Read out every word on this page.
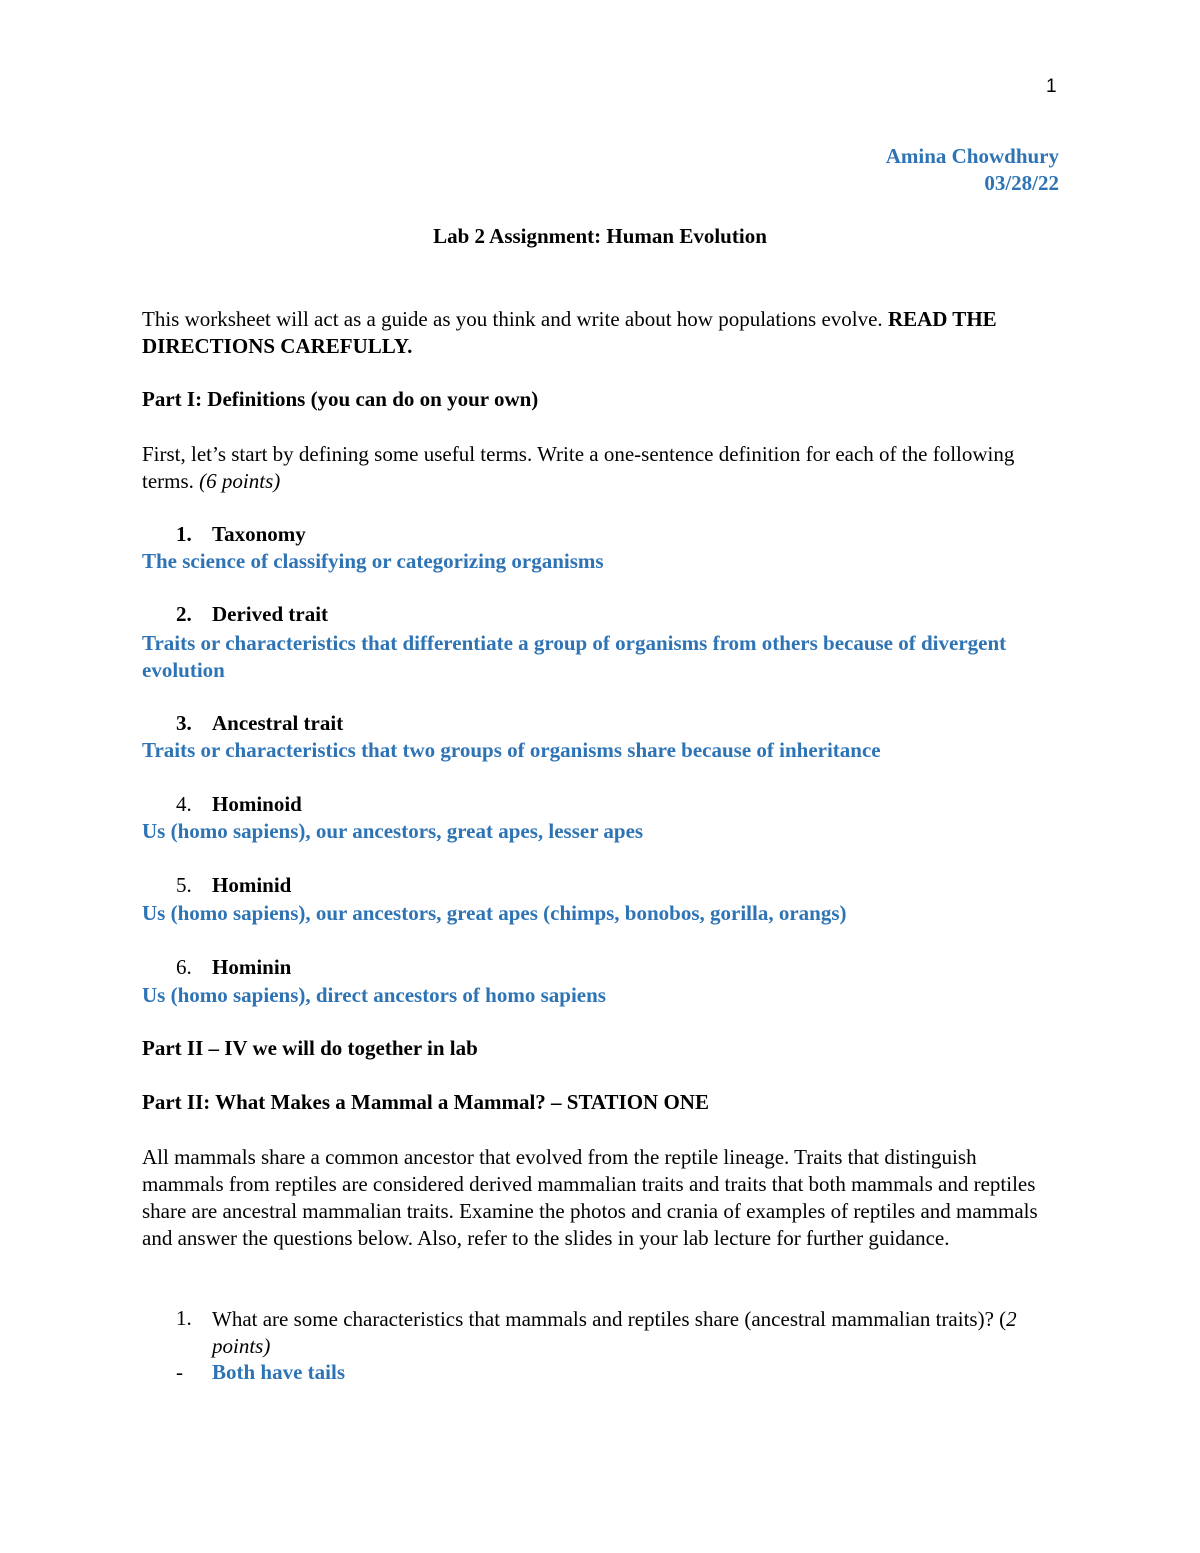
1
Amina Chowdhury
03/28/22
Lab 2 Assignment: Human Evolution
This worksheet will act as a guide as you think and write about how populations evolve. READ THE DIRECTIONS CAREFULLY.
Part I: Definitions (you can do on your own)
First, let’s start by defining some useful terms. Write a one-sentence definition for each of the following terms. (6 points)
1. Taxonomy
The science of classifying or categorizing organisms
2. Derived trait
Traits or characteristics that differentiate a group of organisms from others because of divergent evolution
3. Ancestral trait
Traits or characteristics that two groups of organisms share because of inheritance
4. Hominoid
Us (homo sapiens), our ancestors, great apes, lesser apes
5. Hominid
Us (homo sapiens), our ancestors, great apes (chimps, bonobos, gorilla, orangs)
6. Hominin
Us (homo sapiens), direct ancestors of homo sapiens
Part II – IV we will do together in lab
Part II: What Makes a Mammal a Mammal? – STATION ONE
All mammals share a common ancestor that evolved from the reptile lineage. Traits that distinguish mammals from reptiles are considered derived mammalian traits and traits that both mammals and reptiles share are ancestral mammalian traits. Examine the photos and crania of examples of reptiles and mammals and answer the questions below. Also, refer to the slides in your lab lecture for further guidance.
1. What are some characteristics that mammals and reptiles share (ancestral mammalian traits)? (2 points)
- Both have tails
